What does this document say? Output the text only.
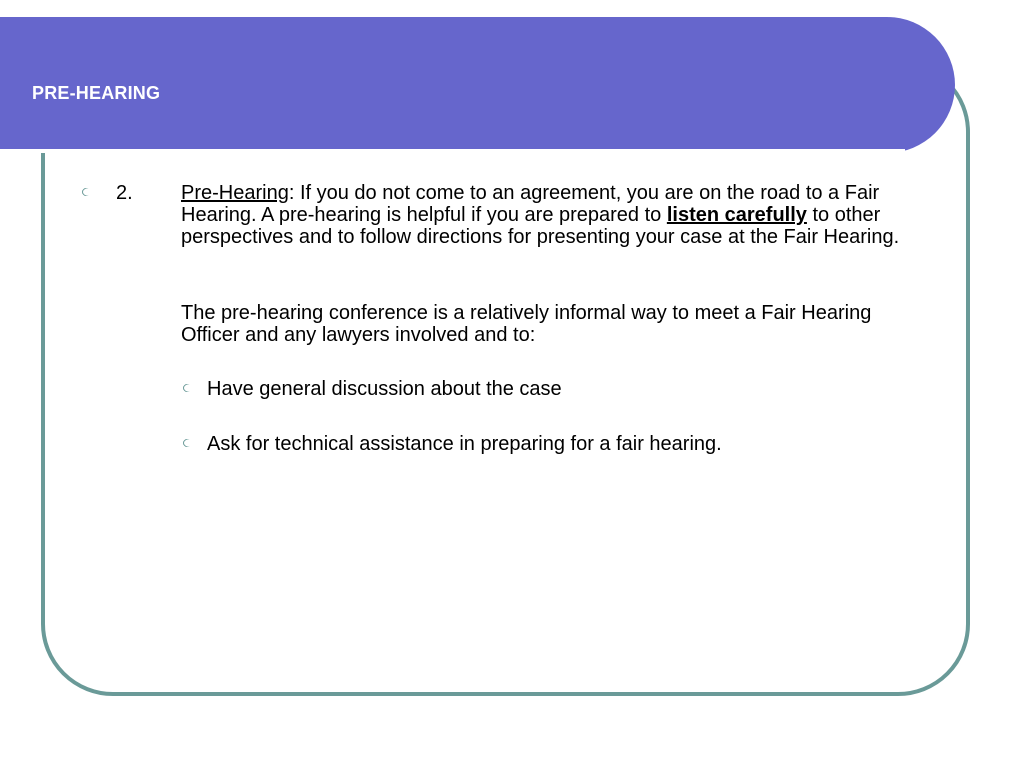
PRE-HEARING
2. Pre-Hearing: If you do not come to an agreement, you are on the road to a Fair Hearing. A pre-hearing is helpful if you are prepared to listen carefully to other perspectives and to follow directions for presenting your case at the Fair Hearing.
The pre-hearing conference is a relatively informal way to meet a Fair Hearing Officer and any lawyers involved and to:
Have general discussion about the case
Ask for technical assistance in preparing for a fair hearing.
